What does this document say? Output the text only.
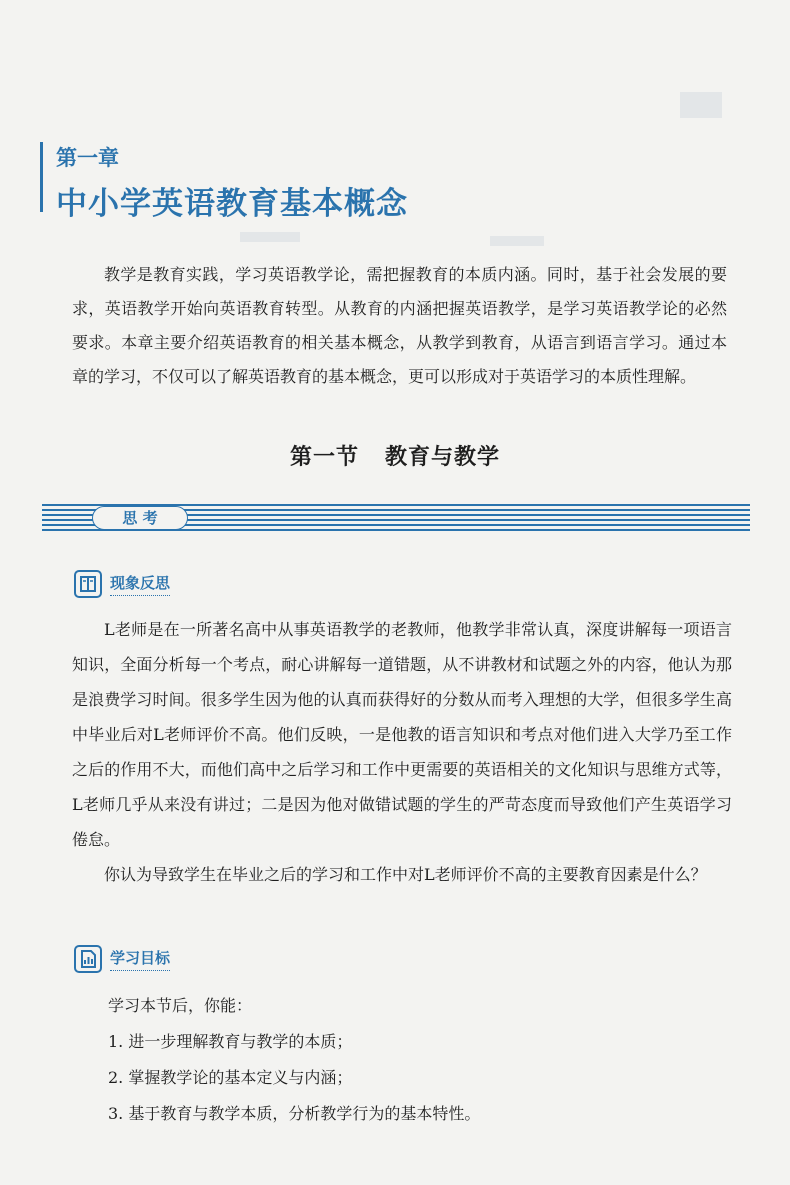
第一章
中小学英语教育基本概念

教学是教育实践，学习英语教学论，需把握教育的本质内涵。同时，基于社会发展的要求，英语教学开始向英语教育转型。从教育的内涵把握英语教学，是学习英语教学论的必然要求。本章主要介绍英语教育的相关基本概念，从教学到教育，从语言到语言学习。通过本章的学习，不仅可以了解英语教育的基本概念，更可以形成对于英语学习的本质性理解。

第一节 教育与教学
思 考
现象反思

L老师是在一所著名高中从事英语教学的老教师，他教学非常认真，深度讲解每一项语言知识，全面分析每一个考点，耐心讲解每一道错题，从不讲教材和试题之外的内容，他认为那是浪费学习时间。很多学生因为他的认真而获得好的分数从而考入理想的大学，但很多学生高中毕业后对L老师评价不高。他们反映，一是他教的语言知识和考点对他们进入大学乃至工作之后的作用不大，而他们高中之后学习和工作中更需要的英语相关的文化知识与思维方式等，L老师几乎从来没有讲过；二是因为他对做错试题的学生的严苛态度而导致他们产生英语学习倦怠。

你认为导致学生在毕业之后的学习和工作中对L老师评价不高的主要教育因素是什么？

学习目标
学习本节后，你能：
1. 进一步理解教育与教学的本质；
2. 掌握教学论的基本定义与内涵；
3. 基于教育与教学本质，分析教学行为的基本特性。
